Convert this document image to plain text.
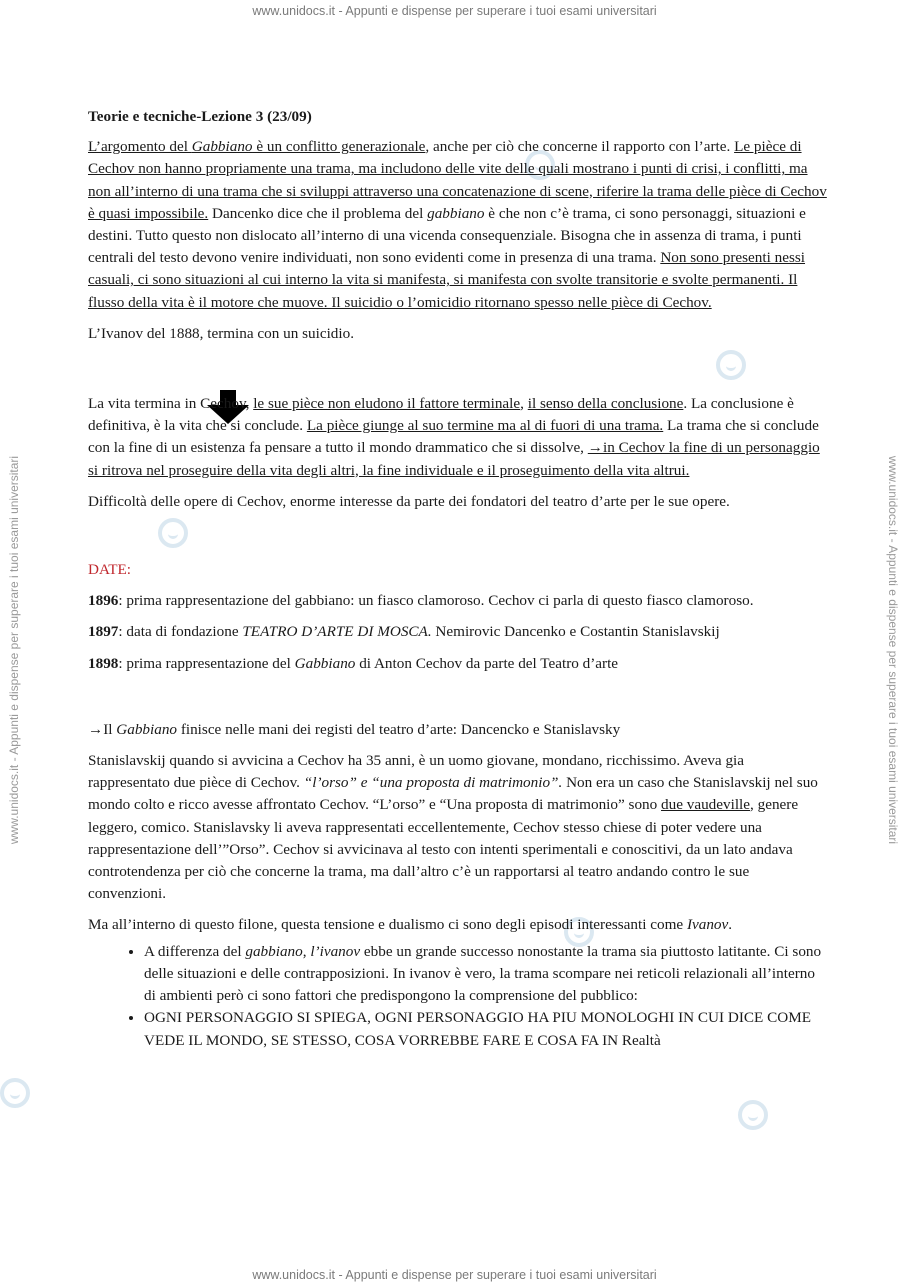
www.unidocs.it - Appunti e dispense per superare i tuoi esami universitari
www.unidocs.it - Appunti e dispense per superare i tuoi esami universitari
www.unidocs.it - Appunti e dispense per superare i tuoi esami universitari	www.unidocs.it - Appunti e dispense per superare i tuoi esami universitari

Teorie e tecniche-Lezione 3 (23/09)

L’argomento del Gabbiano è un conflitto generazionale, anche per ciò che concerne il rapporto con l’arte. Le pièce di Cechov non hanno propriamente una trama, ma includono delle vite delle quali mostrano i punti di crisi, i conflitti, ma non all’interno di una trama che si sviluppi attraverso una concatenazione di scene, riferire la trama delle pièce di Cechov è quasi impossibile. Dancenko dice che il problema del gabbiano è che non c’è trama, ci sono personaggi, situazioni e destini. Tutto questo non dislocato all’interno di una vicenda consequenziale. Bisogna che in assenza di trama, i punti centrali del testo devono venire individuati, non sono evidenti come in presenza di una trama. Non sono presenti nessi casuali, ci sono situazioni al cui interno la vita si manifesta, si manifesta con svolte transitorie e svolte permanenti. Il flusso della vita è il motore che muove. Il suicidio o l’omicidio ritornano spesso nelle pièce di Cechov.

L’Ivanov del 1888, termina con un suicidio.

La vita termina in Cechov, le sue pièce non eludono il fattore terminale, il senso della conclusione. La conclusione è definitiva, è la vita che si conclude. La pièce giunge al suo termine ma al di fuori di una trama. La trama che si conclude con la fine di un esistenza fa pensare a tutto il mondo drammatico che si dissolve, →in Cechov la fine di un personaggio si ritrova nel proseguire della vita degli altri, la fine individuale e il proseguimento della vita altrui.

Difficoltà delle opere di Cechov, enorme interesse da parte dei fondatori del teatro d’arte per le sue opere.

DATE:

1896: prima rappresentazione del gabbiano: un fiasco clamoroso. Cechov ci parla di questo fiasco clamoroso.

1897: data di fondazione TEATRO D’ARTE DI MOSCA. Nemirovic Dancenko e Costantin Stanislavskij

1898: prima rappresentazione del Gabbiano di Anton Cechov da parte del Teatro d’arte

→Il Gabbiano finisce nelle mani dei registi del teatro d’arte: Dancencko e Stanislavsky

Stanislavskij quando si avvicina a Cechov ha 35 anni, è un uomo giovane, mondano, ricchissimo. Aveva gia rappresentato due pièce di Cechov. “l’orso” e “una proposta di matrimonio”. Non era un caso che Stanislavskij nel suo mondo colto e ricco avesse affrontato Cechov. “L’orso” e “Una proposta di matrimonio” sono due vaudeville, genere leggero, comico. Stanislavsky li aveva rappresentati eccellentemente, Cechov stesso chiese di poter vedere una rappresentazione dell’”Orso”. Cechov si avvicinava al testo con intenti sperimentali e conoscitivi, da un lato andava controtendenza per ciò che concerne la trama, ma dall’altro c’è un rapportarsi al teatro andando contro le sue convenzioni.

Ma all’interno di questo filone, questa tensione e dualismo ci sono degli episodi interessanti come Ivanov.

• A differenza del gabbiano, l’ivanov ebbe un grande successo nonostante la trama sia piuttosto latitante. Ci sono delle situazioni e delle contrapposizioni. In ivanov è vero, la trama scompare nei reticoli relazionali all’interno di ambienti però ci sono fattori che predispongono la comprensione del pubblico:
• OGNI PERSONAGGIO SI SPIEGA, OGNI PERSONAGGIO HA PIU MONOLOGHI IN CUI DICE COME VEDE IL MONDO, SE STESSO, COSA VORREBBE FARE E COSA FA IN Realtà
